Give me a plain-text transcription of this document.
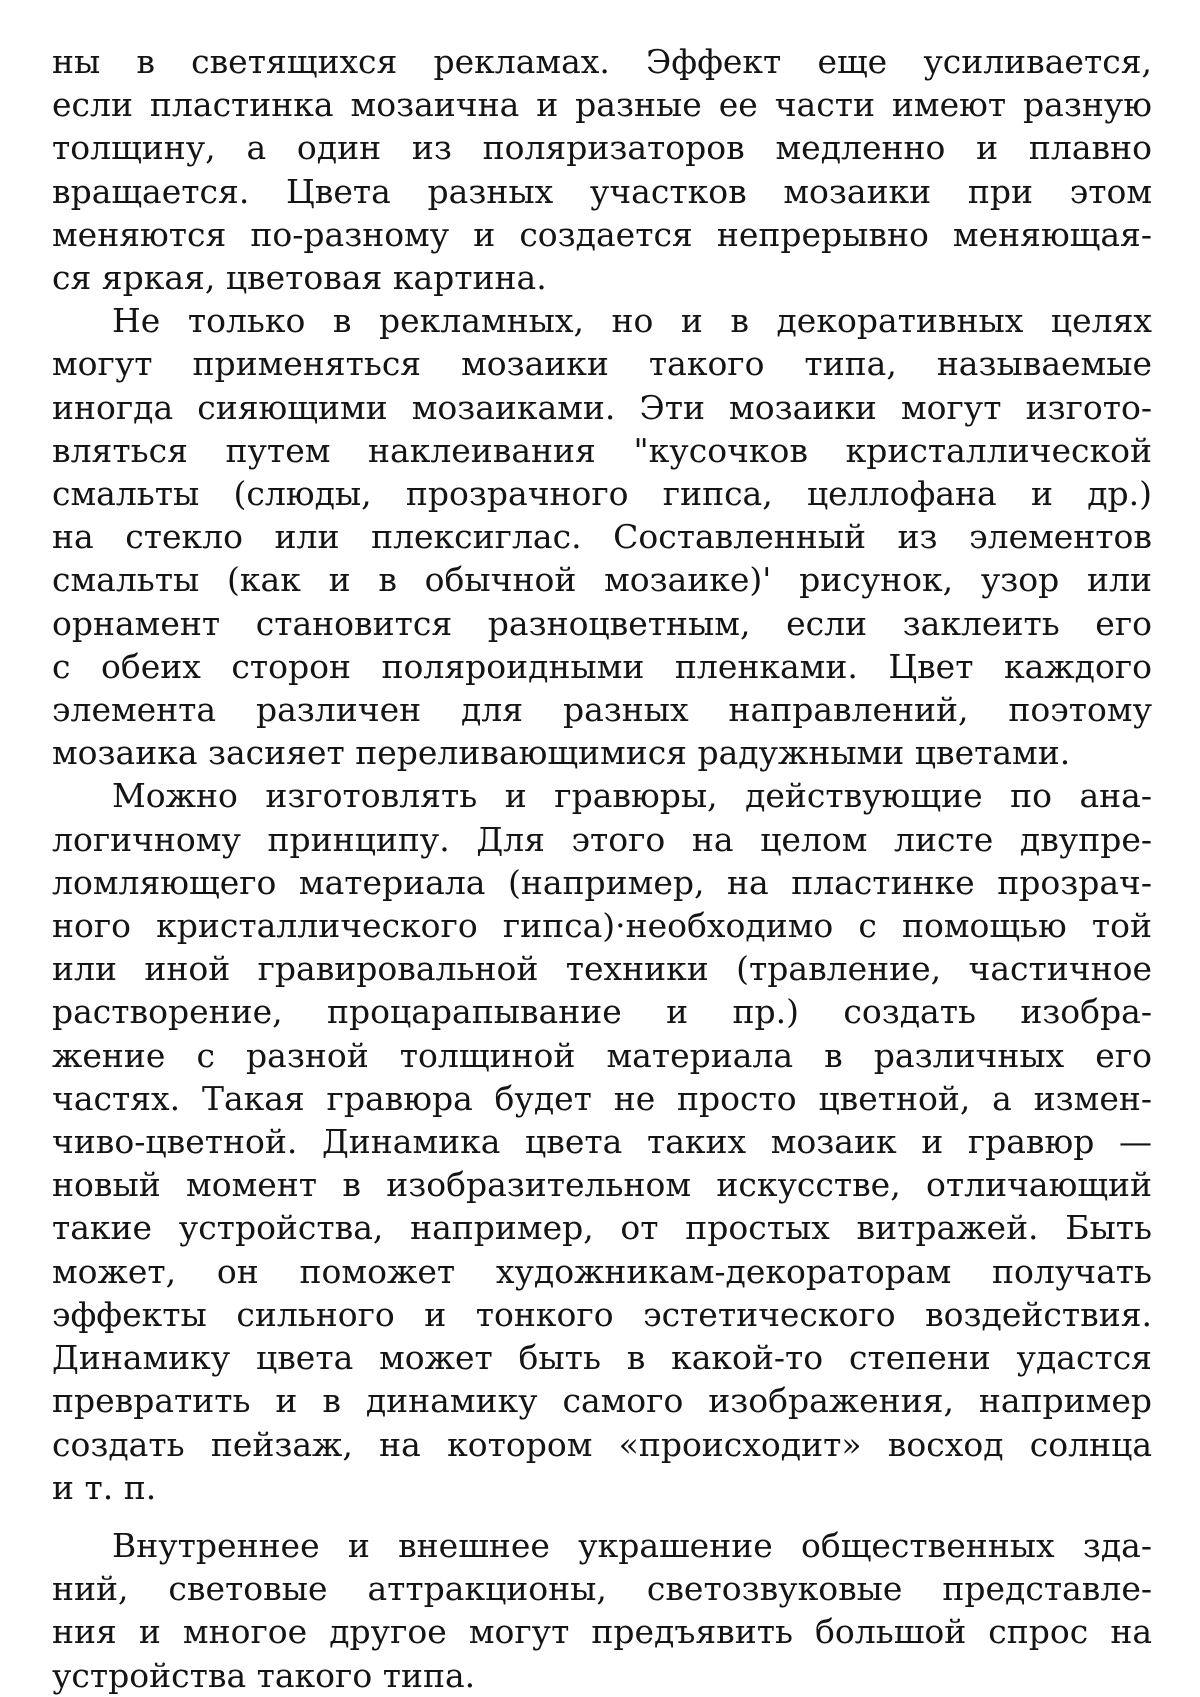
ны в светящихся рекламах. Эффект еще усиливается,
если пластинка мозаична и разные ее части имеют разную
толщину, а один из поляризаторов медленно и плавно
вращается. Цвета разных участков мозаики при этом
меняются по-разному и создается непрерывно меняющая-
ся яркая, цветовая картина.

Не только в рекламных, но и в декоративных целях
могут применяться мозаики такого типа, называемые
иногда сияющими мозаиками. Эти мозаики могут изгото-
вляться путем наклеивания "кусочков кристаллической
смальты (слюды, прозрачного гипса, целлофана и др.)
на стекло или плексиглас. Составленный из элементов
смальты (как и в обычной мозаике)' рисунок, узор или
орнамент становится разноцветным, если заклеить его
с обеих сторон поляроидными пленками. Цвет каждого
элемента различен для разных направлений, поэтому
мозаика засияет переливающимися радужными цветами.

Можно изготовлять и гравюры, действующие по ана-
логичному принципу. Для этого на целом листе двупре-
ломляющего материала (например, на пластинке прозрач-
ного кристаллического гипса)·необходимо с помощью той
или иной гравировальной техники (травление, частичное
растворение, процарапывание и пр.) создать изобра-
жение с разной толщиной материала в различных его
частях. Такая гравюра будет не просто цветной, а измен-
чиво-цветной. Динамика цвета таких мозаик и гравюр —
новый момент в изобразительном искусстве, отличающий
такие устройства, например, от простых витражей. Быть
может, он поможет художникам-декораторам получать
эффекты сильного и тонкого эстетического воздействия.
Динамику цвета может быть в какой-то степени удастся
превратить и в динамику самого изображения, например
создать пейзаж, на котором «происходит» восход солнца
и т. п.

Внутреннее и внешнее украшение общественных зда-
ний, световые аттракционы, светозвуковые представле-
ния и многое другое могут предъявить большой спрос на
устройства такого типа.
